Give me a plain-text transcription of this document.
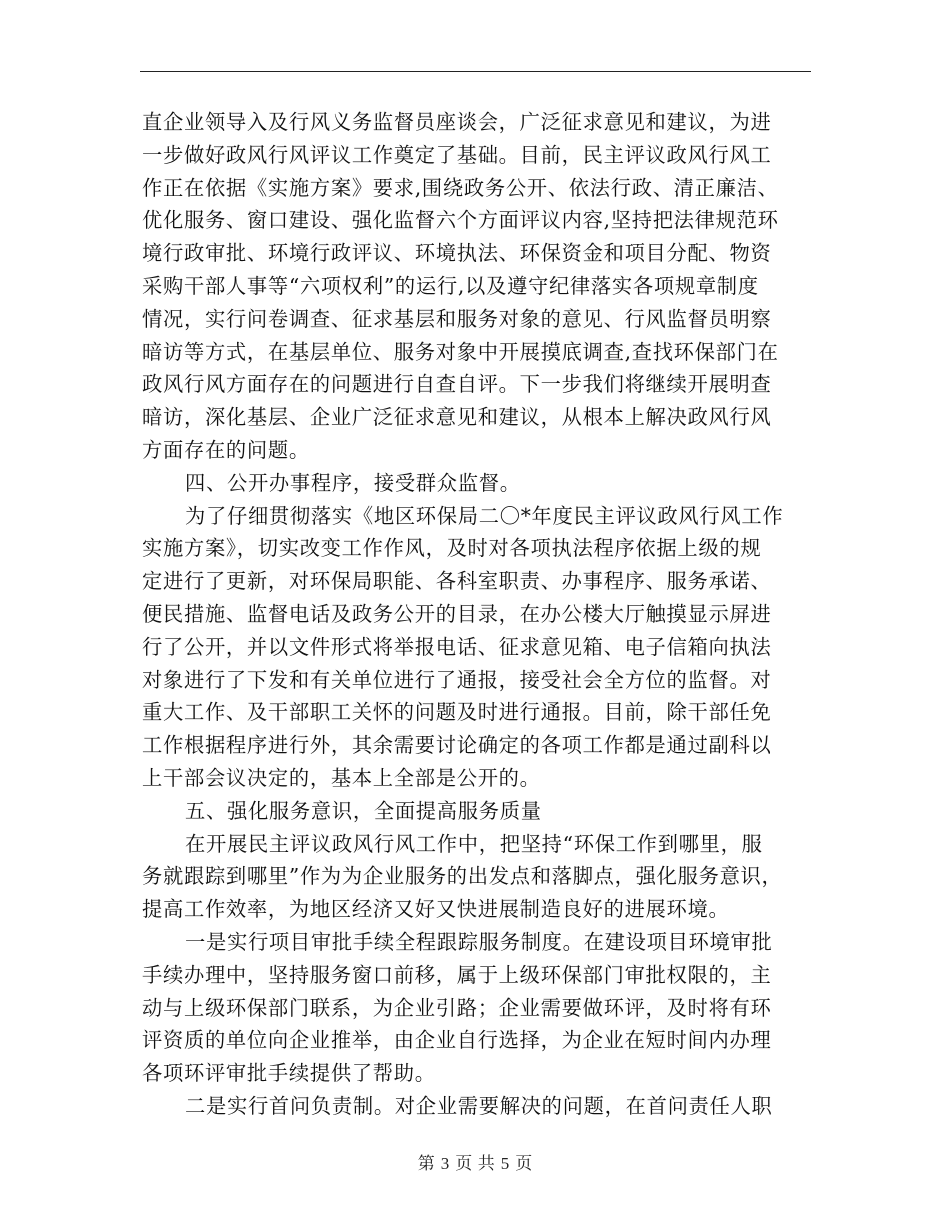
直企业领导入及行风义务监督员座谈会，广泛征求意见和建议，为进
一步做好政风行风评议工作奠定了基础。目前，民主评议政风行风工
作正在依据《实施方案》要求,围绕政务公开、依法行政、清正廉洁、
优化服务、窗口建设、强化监督六个方面评议内容,坚持把法律规范环
境行政审批、环境行政评议、环境执法、环保资金和项目分配、物资
采购干部人事等“六项权利”的运行,以及遵守纪律落实各项规章制度
情况，实行问卷调查、征求基层和服务对象的意见、行风监督员明察
暗访等方式，在基层单位、服务对象中开展摸底调查,查找环保部门在
政风行风方面存在的问题进行自查自评。下一步我们将继续开展明查
暗访，深化基层、企业广泛征求意见和建议，从根本上解决政风行风
方面存在的问题。
四、公开办事程序，接受群众监督。
为了仔细贯彻落实《地区环保局二〇*年度民主评议政风行风工作
实施方案》，切实改变工作作风，及时对各项执法程序依据上级的规
定进行了更新，对环保局职能、各科室职责、办事程序、服务承诺、
便民措施、监督电话及政务公开的目录，在办公楼大厅触摸显示屏进
行了公开，并以文件形式将举报电话、征求意见箱、电子信箱向执法
对象进行了下发和有关单位进行了通报，接受社会全方位的监督。对
重大工作、及干部职工关怀的问题及时进行通报。目前，除干部任免
工作根据程序进行外，其余需要讨论确定的各项工作都是通过副科以
上干部会议决定的，基本上全部是公开的。
五、强化服务意识，全面提高服务质量
在开展民主评议政风行风工作中，把坚持“环保工作到哪里，服
务就跟踪到哪里”作为为企业服务的出发点和落脚点，强化服务意识，
提高工作效率，为地区经济又好又快进展制造良好的进展环境。
一是实行项目审批手续全程跟踪服务制度。在建设项目环境审批
手续办理中，坚持服务窗口前移，属于上级环保部门审批权限的，主
动与上级环保部门联系，为企业引路；企业需要做环评，及时将有环
评资质的单位向企业推举，由企业自行选择，为企业在短时间内办理
各项环评审批手续提供了帮助。
二是实行首问负责制。对企业需要解决的问题，在首问责任人职
第 3 页 共 5 页
